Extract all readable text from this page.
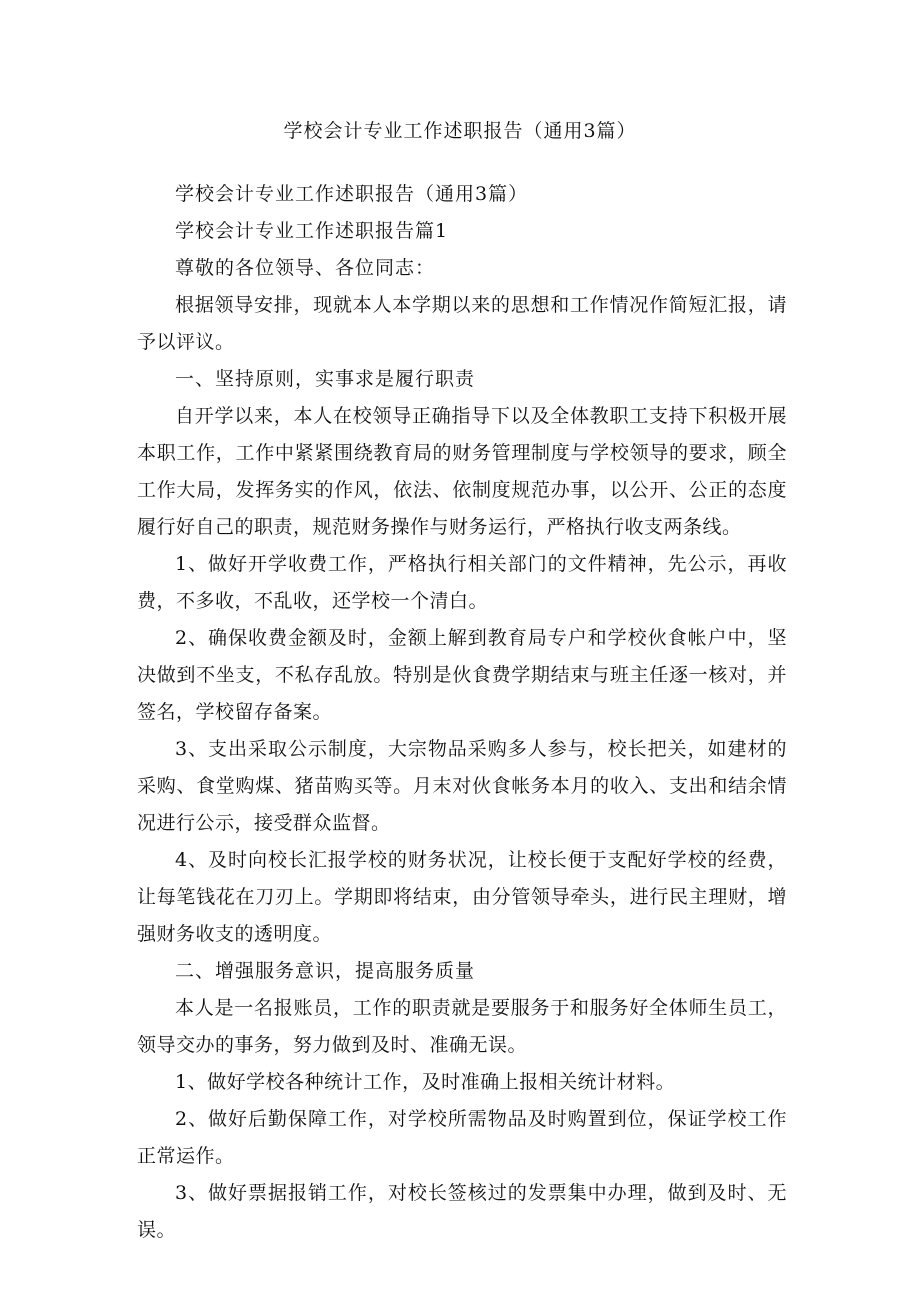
学校会计专业工作述职报告（通用3篇）

学校会计专业工作述职报告（通用3篇）

学校会计专业工作述职报告篇1

尊敬的各位领导、各位同志：

根据领导安排，现就本人本学期以来的思想和工作情况作简短汇报，请予以评议。

一、坚持原则，实事求是履行职责

自开学以来，本人在校领导正确指导下以及全体教职工支持下积极开展本职工作，工作中紧紧围绕教育局的财务管理制度与学校领导的要求，顾全工作大局，发挥务实的作风，依法、依制度规范办事，以公开、公正的态度履行好自己的职责，规范财务操作与财务运行，严格执行收支两条线。

1、做好开学收费工作，严格执行相关部门的文件精神，先公示，再收费，不多收，不乱收，还学校一个清白。

2、确保收费金额及时，金额上解到教育局专户和学校伙食帐户中，坚决做到不坐支，不私存乱放。特别是伙食费学期结束与班主任逐一核对，并签名，学校留存备案。

3、支出采取公示制度，大宗物品采购多人参与，校长把关，如建材的采购、食堂购煤、猪苗购买等。月末对伙食帐务本月的收入、支出和结余情况进行公示，接受群众监督。

4、及时向校长汇报学校的财务状况，让校长便于支配好学校的经费，让每笔钱花在刀刃上。学期即将结束，由分管领导牵头，进行民主理财，增强财务收支的透明度。

二、增强服务意识，提高服务质量

本人是一名报账员，工作的职责就是要服务于和服务好全体师生员工，领导交办的事务，努力做到及时、准确无误。

1、做好学校各种统计工作，及时准确上报相关统计材料。

2、做好后勤保障工作，对学校所需物品及时购置到位，保证学校工作正常运作。

3、做好票据报销工作，对校长签核过的发票集中办理，做到及时、无误。
